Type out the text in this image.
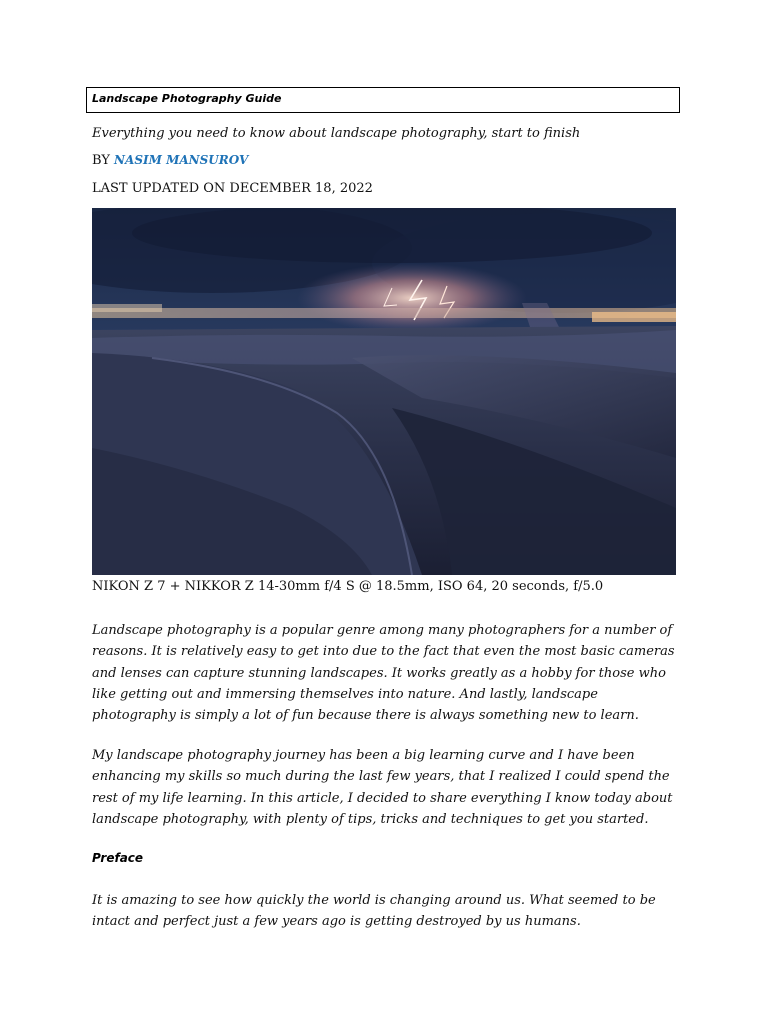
Landscape Photography Guide
Everything you need to know about landscape photography, start to finish
BY NASIM MANSUROV
LAST UPDATED ON DECEMBER 18, 2022
NIKON Z 7 + NIKKOR Z 14-30mm f/4 S @ 18.5mm, ISO 64, 20 seconds, f/5.0

Landscape photography is a popular genre among many photographers for a number of reasons. It is relatively easy to get into due to the fact that even the most basic cameras and lenses can capture stunning landscapes. It works greatly as a hobby for those who like getting out and immersing themselves into nature. And lastly, landscape photography is simply a lot of fun because there is always something new to learn.

My landscape photography journey has been a big learning curve and I have been enhancing my skills so much during the last few years, that I realized I could spend the rest of my life learning. In this article, I decided to share everything I know today about landscape photography, with plenty of tips, tricks and techniques to get you started.

Preface

It is amazing to see how quickly the world is changing around us. What seemed to be intact and perfect just a few years ago is getting destroyed by us humans.
